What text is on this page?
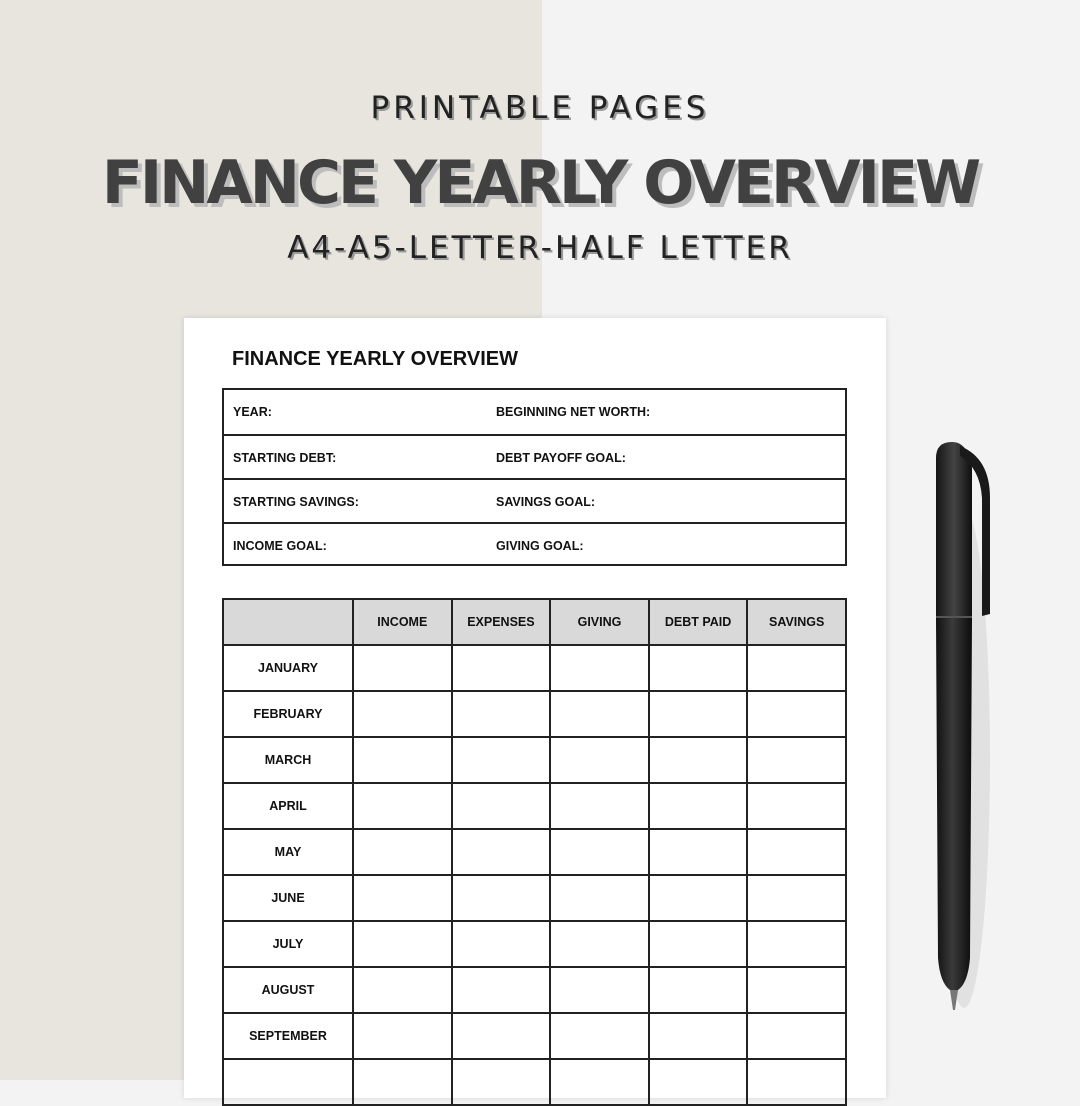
PRINTABLE PAGES
FINANCE YEARLY OVERVIEW
A4-A5-LETTER-HALF LETTER
FINANCE YEARLY OVERVIEW
YEAR:	BEGINNING NET WORTH:
STARTING DEBT:	DEBT PAYOFF GOAL:
STARTING SAVINGS:	SAVINGS GOAL:
INCOME GOAL:	GIVING GOAL:
	INCOME	EXPENSES	GIVING	DEBT PAID	SAVINGS
JANUARY					
FEBRUARY					
MARCH					
APRIL					
MAY					
JUNE					
JULY					
AUGUST					
SEPTEMBER					
